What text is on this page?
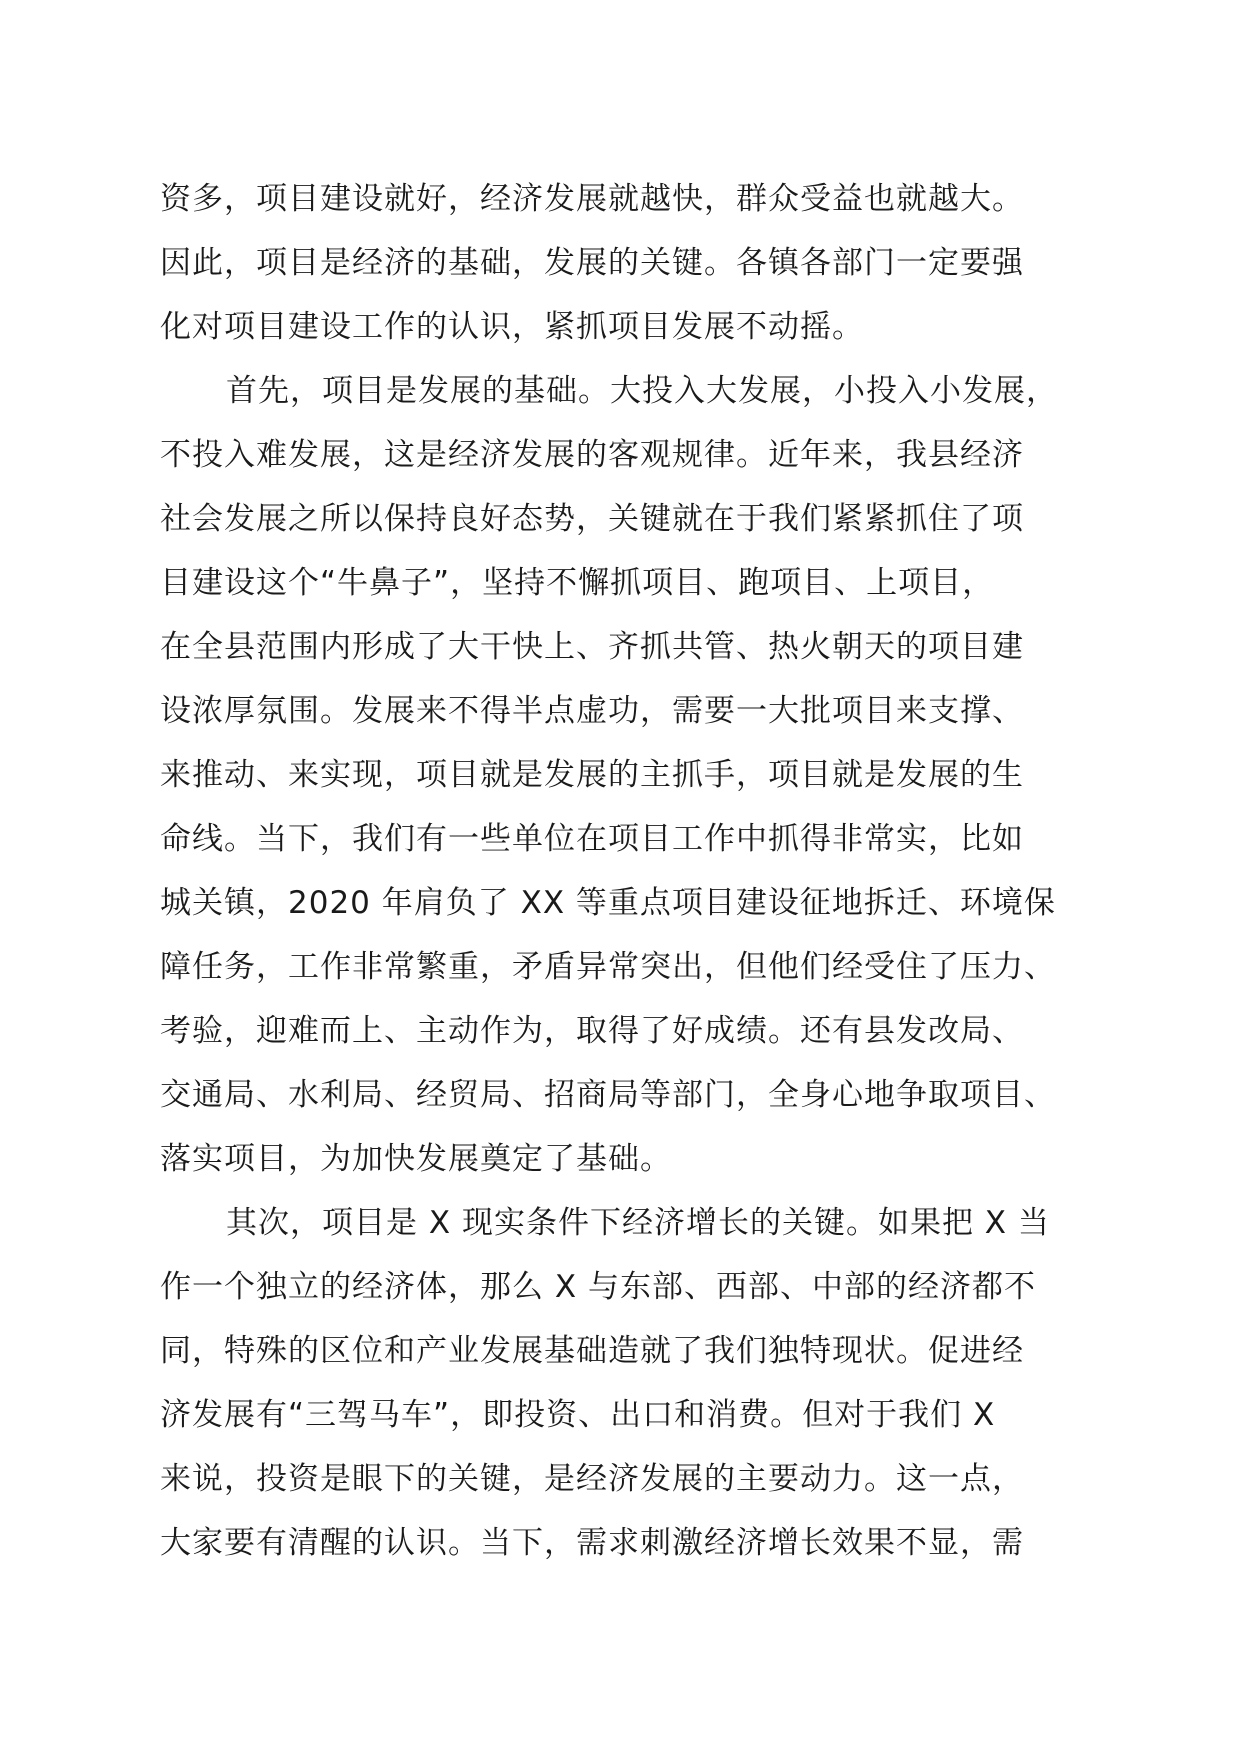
资多，项目建设就好，经济发展就越快，群众受益也就越大。
因此，项目是经济的基础，发展的关键。各镇各部门一定要强
化对项目建设工作的认识，紧抓项目发展不动摇。
首先，项目是发展的基础。大投入大发展，小投入小发展，
不投入难发展，这是经济发展的客观规律。近年来，我县经济
社会发展之所以保持良好态势，关键就在于我们紧紧抓住了项
目建设这个“牛鼻子”，坚持不懈抓项目、跑项目、上项目，
在全县范围内形成了大干快上、齐抓共管、热火朝天的项目建
设浓厚氛围。发展来不得半点虚功，需要一大批项目来支撑、
来推动、来实现，项目就是发展的主抓手，项目就是发展的生
命线。当下，我们有一些单位在项目工作中抓得非常实，比如
城关镇，2020 年肩负了 XX 等重点项目建设征地拆迁、环境保
障任务，工作非常繁重，矛盾异常突出，但他们经受住了压力、
考验，迎难而上、主动作为，取得了好成绩。还有县发改局、
交通局、水利局、经贸局、招商局等部门，全身心地争取项目、
落实项目，为加快发展奠定了基础。
其次，项目是 X 现实条件下经济增长的关键。如果把 X 当
作一个独立的经济体，那么 X 与东部、西部、中部的经济都不
同，特殊的区位和产业发展基础造就了我们独特现状。促进经
济发展有“三驾马车”，即投资、出口和消费。但对于我们 X
来说，投资是眼下的关键，是经济发展的主要动力。这一点，
大家要有清醒的认识。当下，需求刺激经济增长效果不显，需
